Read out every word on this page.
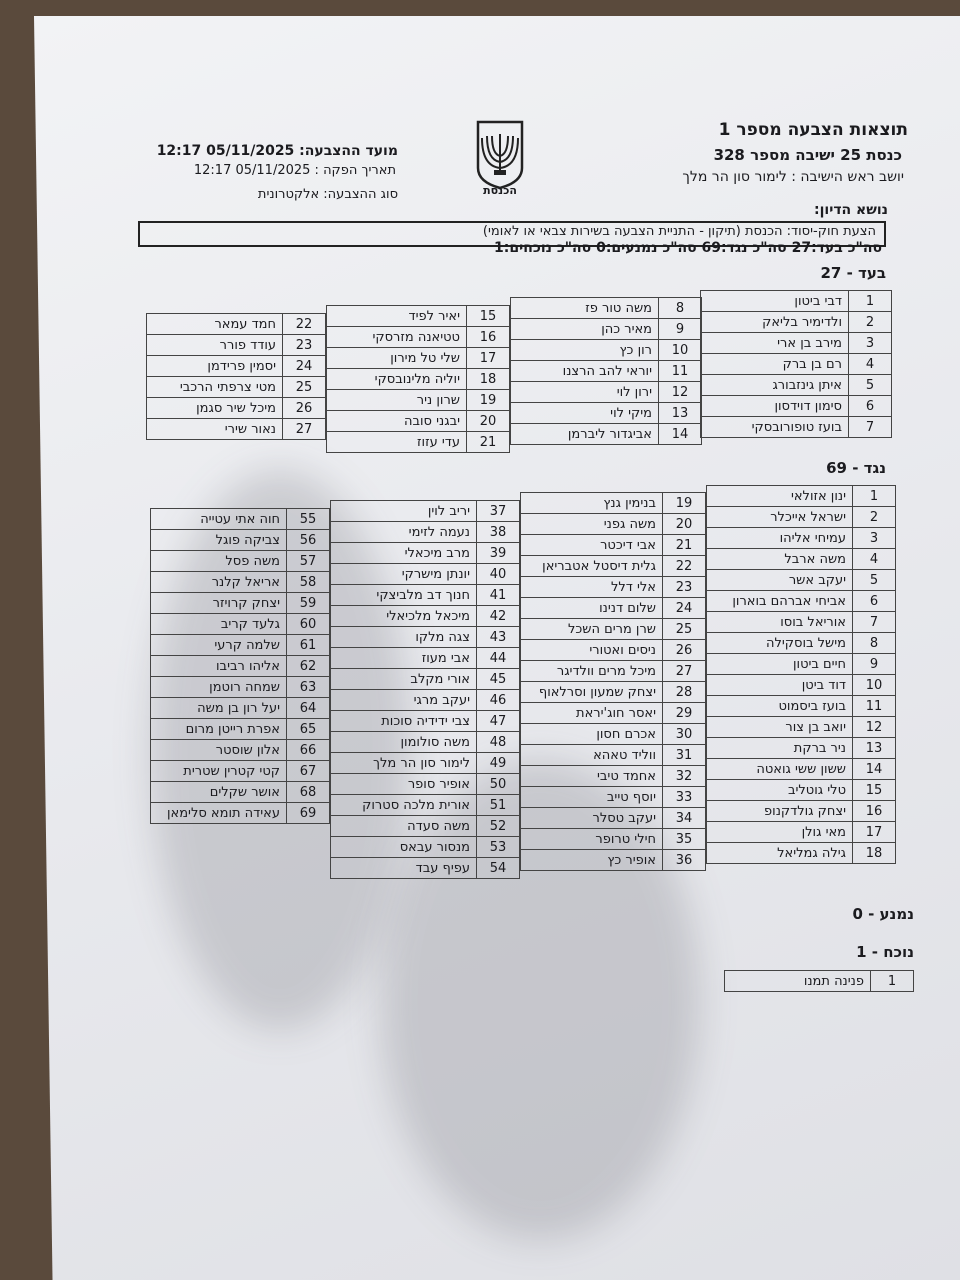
תוצאות הצבעה מספר 1
כנסת 25 ישיבה מספר 328
יושב ראש הישיבה : לימור סון הר מלך
הכנסת
מועד ההצבעה: 05/11/2025 12:17
תאריך הפקה : 05/11/2025 12:17
סוג ההצבעה: אלקטרונית
נושא הדיון:
הצעת חוק-יסוד: הכנסת (תיקון - התניית הצבעה בשירות צבאי או לאומי)
סה"כ בעד:27 סה"כ נגד:69 סה"כ נמנעים:0 סה"כ נוכחים:1
בעד - 27
1	דבי ביטון
2	ולדימיר בליאק
3	מירב בן ארי
4	רם בן ברק
5	איתן גינזבורג
6	סימון דוידסון
7	בועז טופורובסקי
8	משה טור פז
9	מאיר כהן
10	רון כץ
11	יוראי להב הרצנו
12	ירון לוי
13	מיקי לוי
14	אביגדור ליברמן
15	יאיר לפיד
16	טטיאנה מזרסקי
17	שלי טל מירון
18	יוליה מלינובסקי
19	שרון ניר
20	יבגני סובה
21	עדי עזוז
22	חמד עמאר
23	עודד פורר
24	יסמין פרידמן
25	מטי צרפתי הרכבי
26	מיכל שיר סגמן
27	נאור שירי
נגד - 69
1	ינון אזולאי
2	ישראל אייכלר
3	עמיחי אליהו
4	משה ארבל
5	יעקב אשר
6	אביחי אברהם בוארון
7	אוריאל בוסו
8	מישל בוסקילה
9	חיים ביטון
10	דוד ביטן
11	בועז ביסמוט
12	יואב בן צור
13	ניר ברקת
14	ששון ששי גואטה
15	טלי גוטליב
16	יצחק גולדקנופ
17	מאי גולן
18	גילה גמליאל
19	בנימין גנץ
20	משה גפני
21	אבי דיכטר
22	גלית דיסטל אטבריאן
23	אלי דלל
24	שלום דנינו
25	שרן מרים השכל
26	ניסים ואטורי
27	מיכל מרים וולדיגר
28	יצחק שמעון וסרלאוף
29	יאסר חוג'יראת
30	אכרם חסון
31	ווליד טאהא
32	אחמד טיבי
33	יוסף טייב
34	יעקב טסלר
35	חילי טרופר
36	אופיר כץ
37	יריב לוין
38	נעמה לזימי
39	מרב מיכאלי
40	יונתן מישרקי
41	חנוך דב מלביצקי
42	מיכאל מלכיאלי
43	צגה מלקו
44	אבי מעוז
45	אורי מקלב
46	יעקב מרגי
47	צבי ידידיה סוכות
48	משה סולומון
49	לימור סון הר מלך
50	אופיר סופר
51	אורית מלכה סטרוק
52	משה סעדה
53	מנסור עבאס
54	עפיף עבד
55	חוה אתי עטייה
56	צביקה פוגל
57	משה פסל
58	אריאל קלנר
59	יצחק קרויזר
60	גלעד קריב
61	שלמה קרעי
62	אליהו רביבו
63	שמחה רוטמן
64	יעל רון בן משה
65	אפרת רייטן מרום
66	אלון שוסטר
67	קטי קטרין שטרית
68	אושר שקלים
69	עאידה תומא סלימאן
נמנע - 0
נוכח - 1
1	פנינה תמנו
